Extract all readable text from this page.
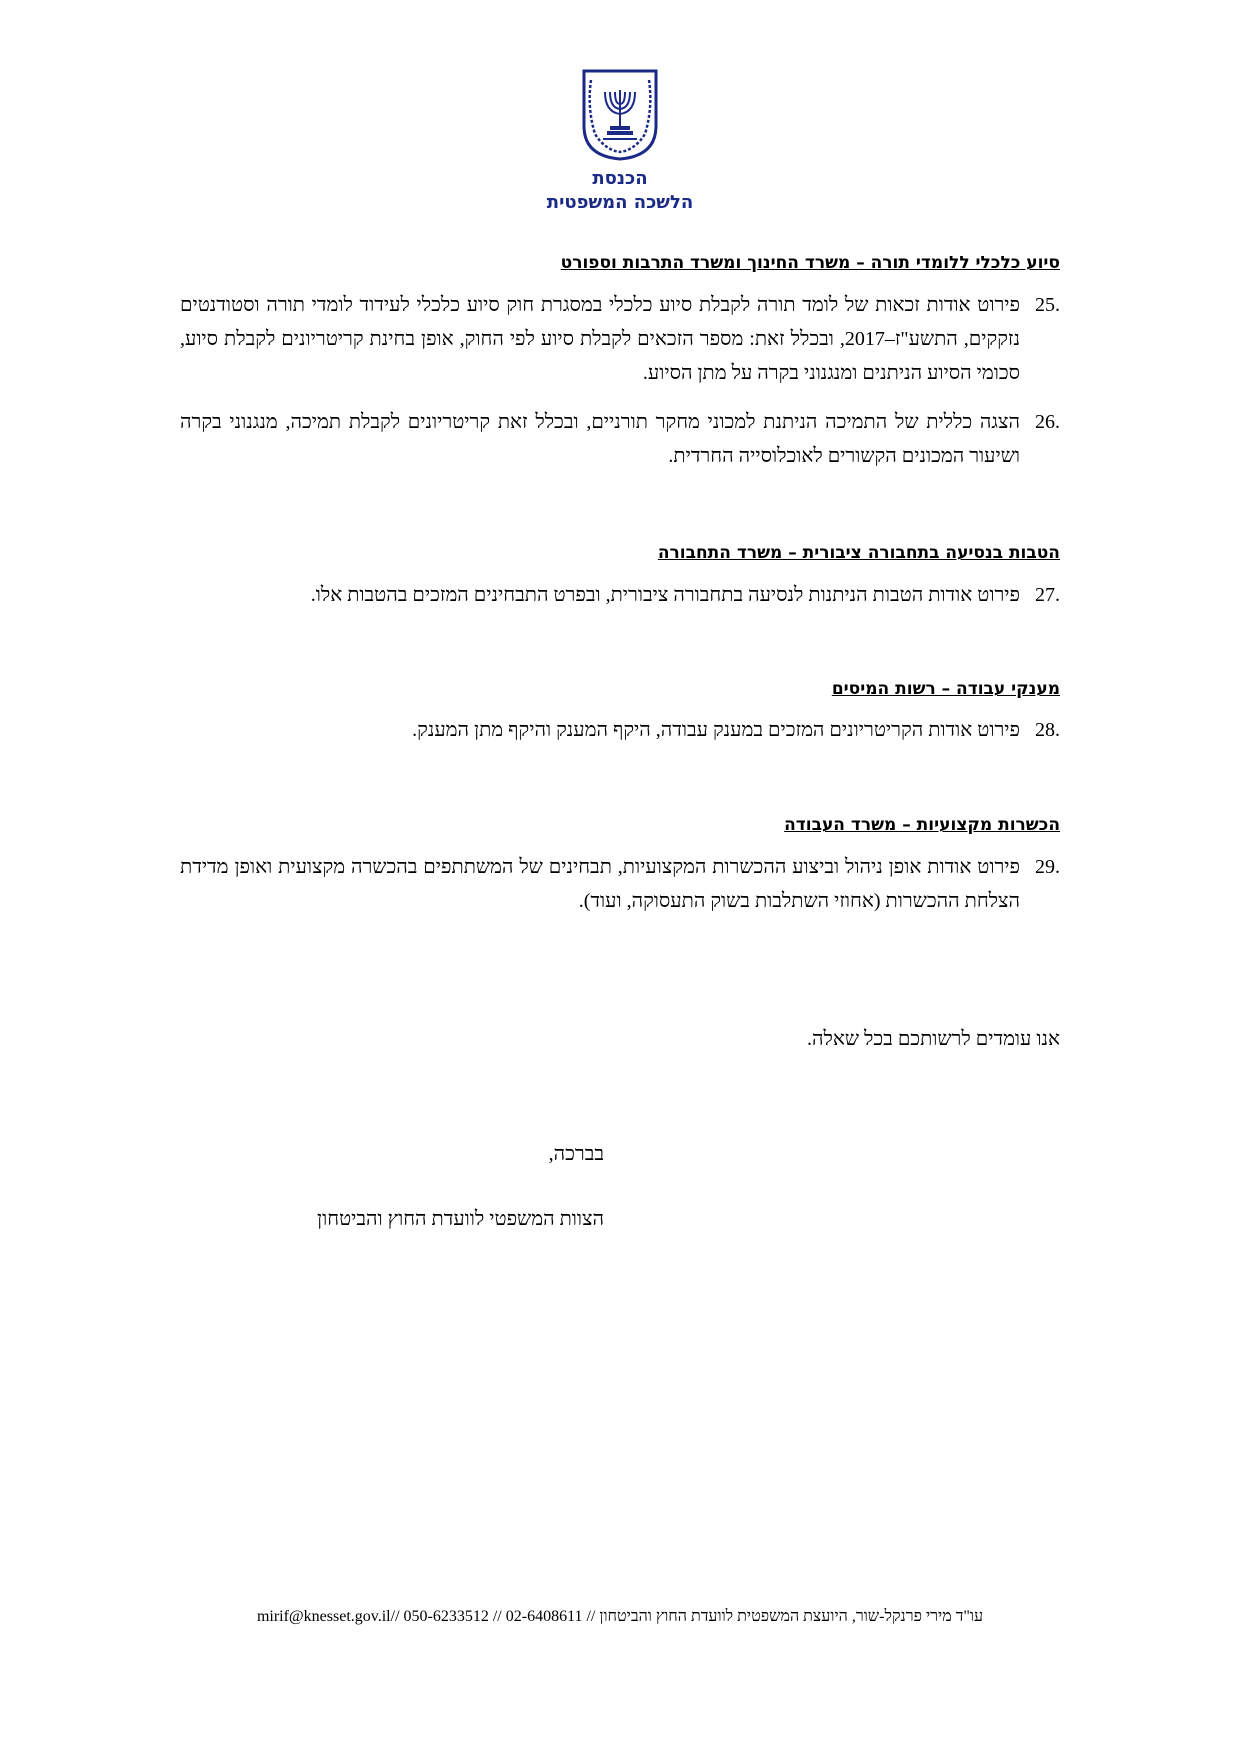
הכנסת
הלשכה המשפטית
סיוע כלכלי ללומדי תורה – משרד החינוך ומשרד התרבות וספורט
25.
פירוט אודות זכאות של לומד תורה לקבלת סיוע כלכלי במסגרת חוק סיוע כלכלי לעידוד לומדי תורה וסטודנטים נזקקים, התשע"ז–2017, ובכלל זאת: מספר הזכאים לקבלת סיוע לפי החוק, אופן בחינת קריטריונים לקבלת סיוע, סכומי הסיוע הניתנים ומנגנוני בקרה על מתן הסיוע.
26.
הצגה כללית של התמיכה הניתנת למכוני מחקר תורניים, ובכלל זאת קריטריונים לקבלת תמיכה, מנגנוני בקרה ושיעור המכונים הקשורים לאוכלוסייה החרדית.
הטבות בנסיעה בתחבורה ציבורית – משרד התחבורה
27.
פירוט אודות הטבות הניתנות לנסיעה בתחבורה ציבורית, ובפרט התבחינים המזכים בהטבות אלו.
מענקי עבודה – רשות המיסים
28.
פירוט אודות הקריטריונים המזכים במענק עבודה, היקף המענק והיקף מתן המענק.
הכשרות מקצועיות – משרד העבודה
29.
פירוט אודות אופן ניהול וביצוע ההכשרות המקצועיות, תבחינים של המשתתפים בהכשרה מקצועית ואופן מדידת הצלחת ההכשרות (אחוזי השתלבות בשוק התעסוקה, ועוד).
אנו עומדים לרשותכם בכל שאלה.
בברכה,
הצוות המשפטי לוועדת החוץ והביטחון
mirif@knesset.gov.ilעו"ד מירי פרנקל-שור, היועצת המשפטית לוועדת החוץ והביטחון // 02-6408611 // 050-6233512 //
